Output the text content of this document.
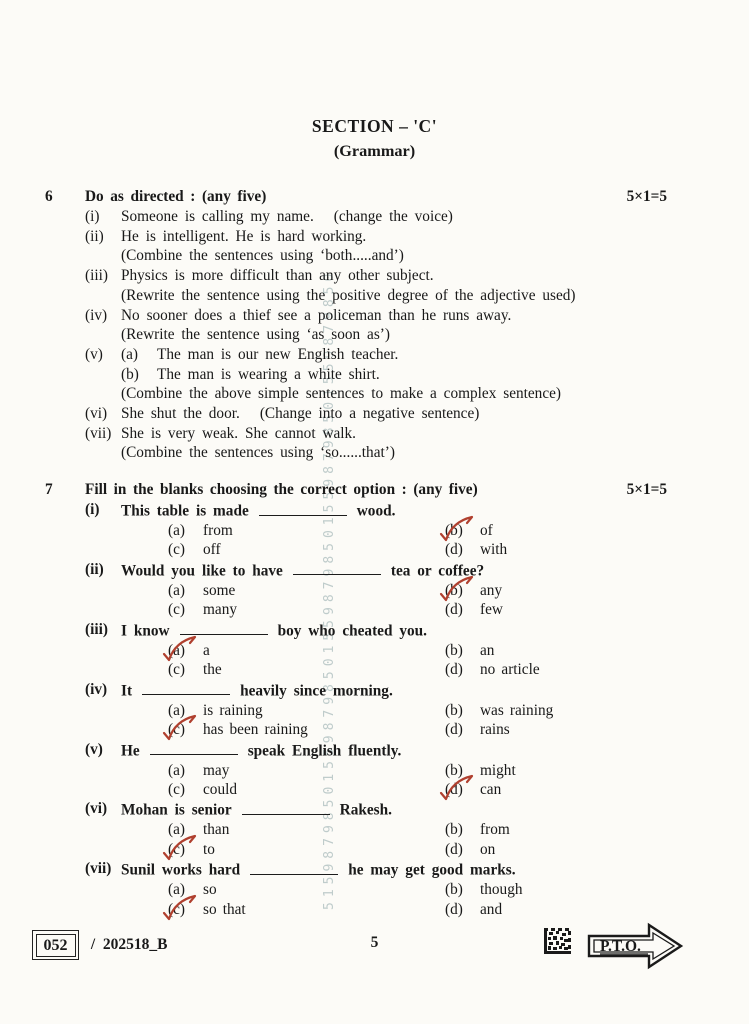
51598798501559879850155987985015598798501559879850
SECTION – 'C'
(Grammar)
6	Do as directed : (any five)	5×1=5
(i)	Someone is calling my name. (change the voice)
(ii)	He is intelligent. He is hard working.
(Combine the sentences using ‘both.....and’)
(iii) Physics is more difficult than any other subject.
(Rewrite the sentence using the positive degree of the adjective used)
(iv) No sooner does a thief see a policeman than he runs away.
(Rewrite the sentence using ‘as soon as’)
(v)	(a) The man is our new English teacher.
(b) The man is wearing a white shirt.
(Combine the above simple sentences to make a complex sentence)
(vi) She shut the door. (Change into a negative sentence)
(vii) She is very weak. She cannot walk.
(Combine the sentences using ‘so......that’)
7	Fill in the blanks choosing the correct option : (any five)	5×1=5
(i)	This table is made	wood.
(a) from	(b) of
(c) off	(d) with
(ii)	Would you like to have	tea or coffee?
(a) some	(b) any
(c) many	(d) few
(iii) I know	boy who cheated you.
(a) a	(b) an
(c) the	(d) no article
(iv) It	heavily since morning.
(a) is raining	(b) was raining
(c) has been raining	(d) rains
(v)	He	speak English fluently.
(a) may	(b) might
(c) could	(d) can
(vi) Mohan is senior	Rakesh.
(a) than	(b) from
(c) to	(d) on
(vii) Sunil works hard	he may get good marks.
(a) so	(b) though
(c) so that	(d) and
052 / 202518_B	5	P.T.O.
